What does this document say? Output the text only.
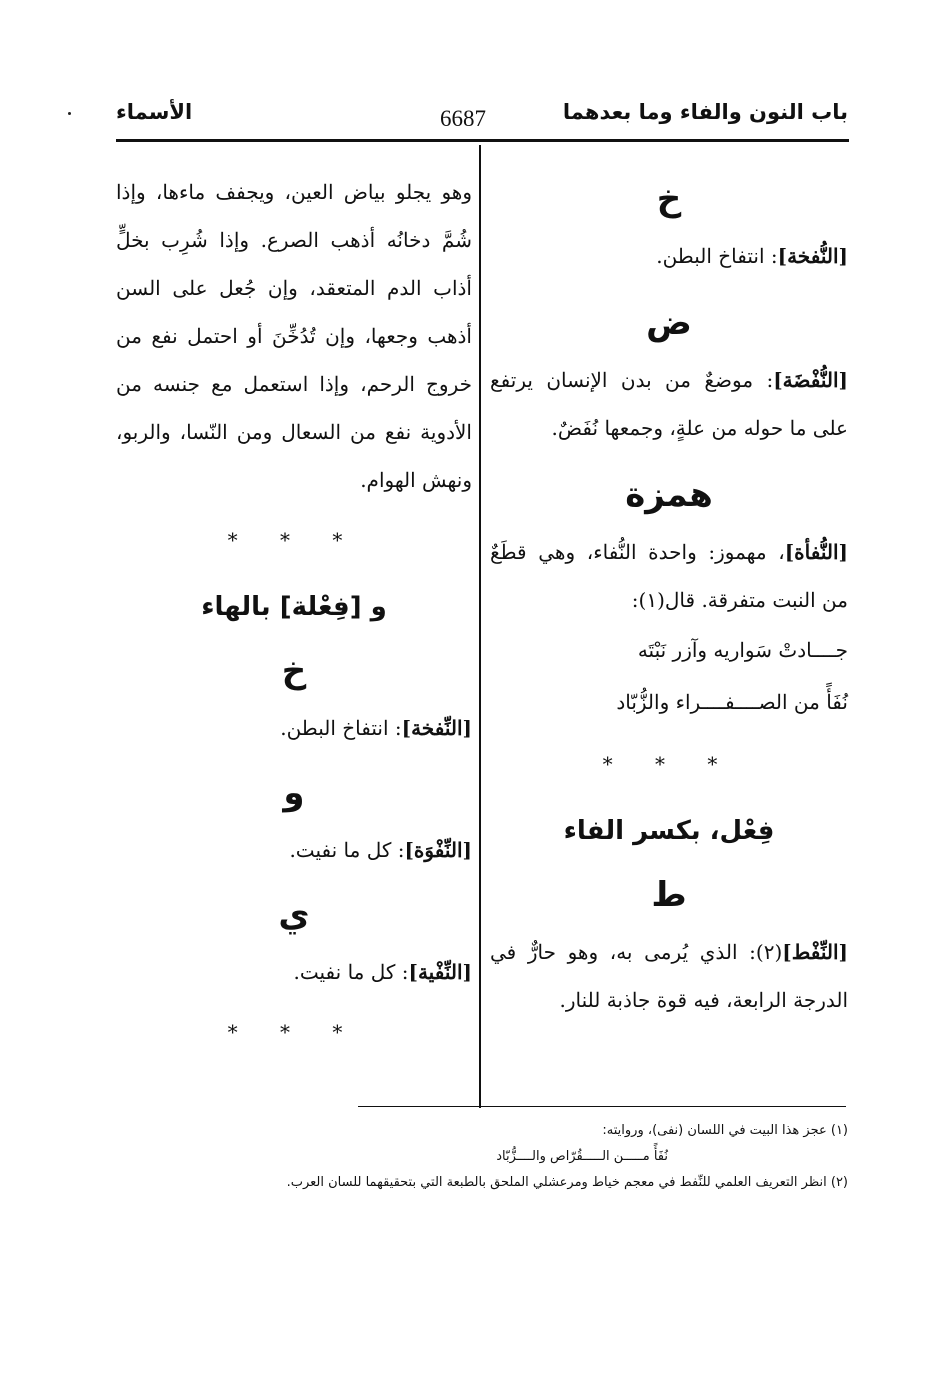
باب النون والفاء وما بعدهما
6687
الأسماء
خ
[النُّفخة]: انتفاخ البطن.
ض
[النُّفْضَة]: موضعٌ من بدن الإنسان يرتفع على ما حوله من علةٍ، وجمعها نُفَضٌ.
همزة
[النُّفأة]، مهموز: واحدة النُّفاء، وهي قطَعٌ من النبت متفرقة. قال(١):
جــــادتْ سَواريه وآزر نَبْتَه
نُفَأً من الصــــفــــراء والزُّبّاد
* * *
فِعْل، بكسر الفاء
ط
[النِّفْط](٢): الذي يُرمى به، وهو حارٌّ في الدرجة الرابعة، فيه قوة جاذبة للنار.
وهو يجلو بياض العين، ويجفف ماءها، وإذا شُمَّ دخانُه أذهب الصرع. وإذا شُرِب بخلٍّ أذاب الدم المتعقد، وإن جُعل على السن أذهب وجعها، وإن تُدُخِّنَ أو احتمل نفع من خروج الرحم، وإذا استعمل مع جنسه من الأدوية نفع من السعال ومن النّسا، والربو، ونهش الهوام.
* * *
و [فِعْلة] بالهاء
خ
[النِّفخة]: انتفاخ البطن.
و
[النِّفْوَة]: كل ما نفيت.
ي
[النِّفْية]: كل ما نفيت.
* * *
(١) عجز هذا البيت في اللسان (نفى)، وروايته:
نُفَأً مـــــن الـــــقُرّاص والــــزُّبّاد
(٢) انظر التعريف العلمي للنِّفط في معجم خياط ومرعشلي الملحق بالطبعة التي بتحقيقهما للسان العرب.
